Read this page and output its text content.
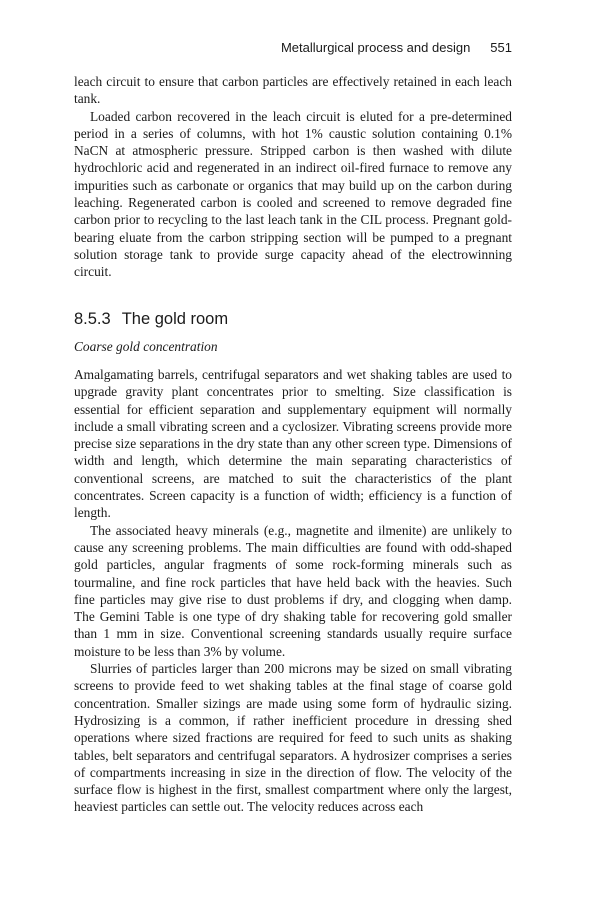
Metallurgical process and design 551

leach circuit to ensure that carbon particles are effectively retained in each leach tank.

Loaded carbon recovered in the leach circuit is eluted for a pre-determined period in a series of columns, with hot 1% caustic solution containing 0.1% NaCN at atmospheric pressure. Stripped carbon is then washed with dilute hydrochloric acid and regenerated in an indirect oil-fired furnace to remove any impurities such as carbonate or organics that may build up on the carbon during leaching. Regenerated carbon is cooled and screened to remove degraded fine carbon prior to recycling to the last leach tank in the CIL process. Pregnant gold-bearing eluate from the carbon stripping section will be pumped to a pregnant solution storage tank to provide surge capacity ahead of the electrowinning circuit.

8.5.3 The gold room
Coarse gold concentration

Amalgamating barrels, centrifugal separators and wet shaking tables are used to upgrade gravity plant concentrates prior to smelting. Size classification is essential for efficient separation and supplementary equipment will normally include a small vibrating screen and a cyclosizer. Vibrating screens provide more precise size separations in the dry state than any other screen type. Dimensions of width and length, which determine the main separating characteristics of conventional screens, are matched to suit the characteristics of the plant concentrates. Screen capacity is a function of width; efficiency is a function of length.

The associated heavy minerals (e.g., magnetite and ilmenite) are unlikely to cause any screening problems. The main difficulties are found with odd-shaped gold particles, angular fragments of some rock-forming minerals such as tourmaline, and fine rock particles that have held back with the heavies. Such fine particles may give rise to dust problems if dry, and clogging when damp. The Gemini Table is one type of dry shaking table for recovering gold smaller than 1 mm in size. Conventional screening standards usually require surface moisture to be less than 3% by volume.

Slurries of particles larger than 200 microns may be sized on small vibrating screens to provide feed to wet shaking tables at the final stage of coarse gold concentration. Smaller sizings are made using some form of hydraulic sizing. Hydrosizing is a common, if rather inefficient procedure in dressing shed operations where sized fractions are required for feed to such units as shaking tables, belt separators and centrifugal separators. A hydrosizer comprises a series of compartments increasing in size in the direction of flow. The velocity of the surface flow is highest in the first, smallest compartment where only the largest, heaviest particles can settle out. The velocity reduces across each
